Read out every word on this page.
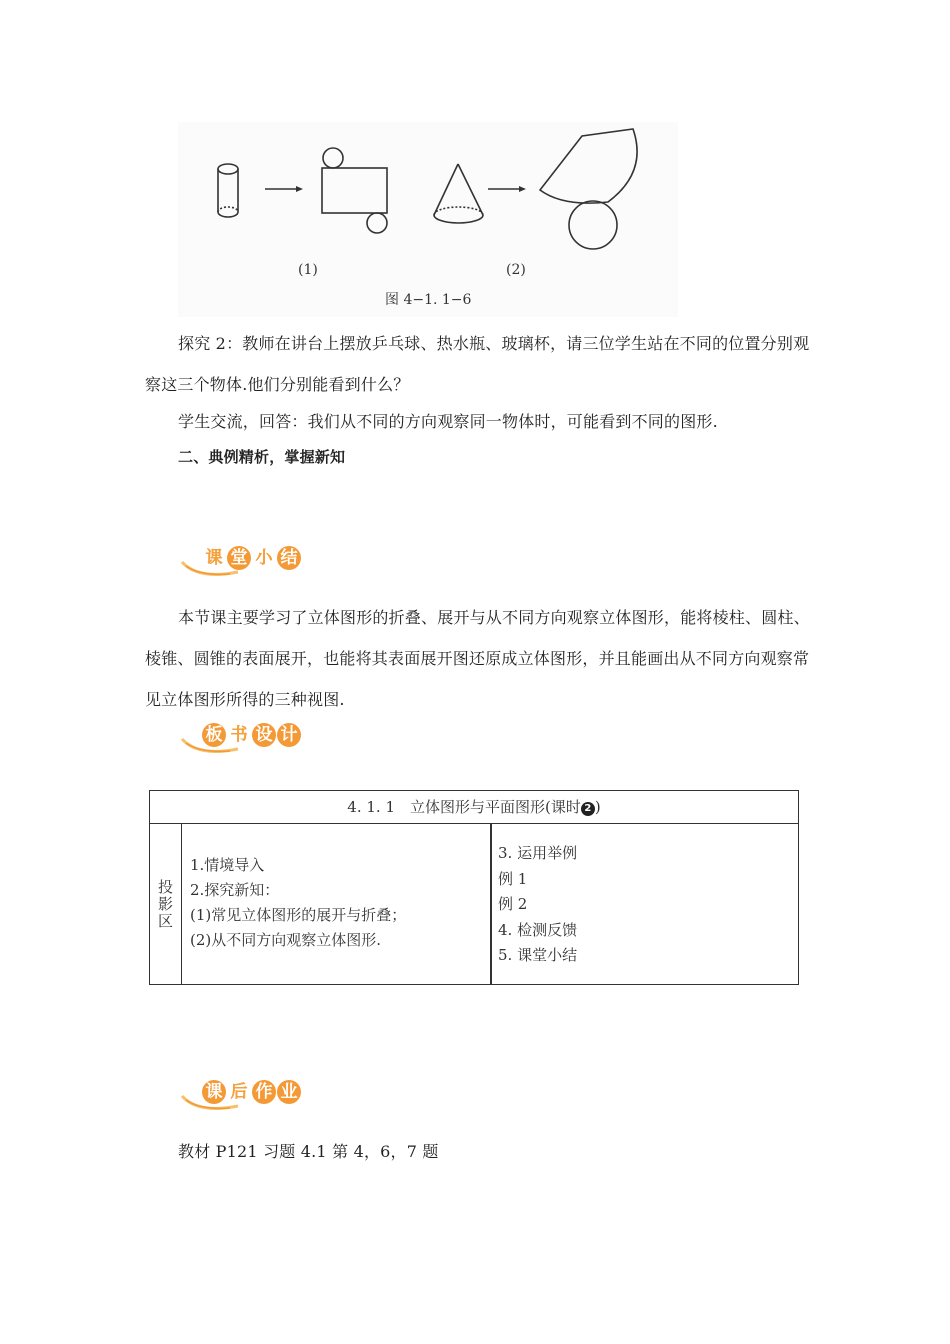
(1)	(2)
图 4−1. 1−6
探究 2：教师在讲台上摆放乒乓球、热水瓶、玻璃杯，请三位学生站在不同的位置分别观察这三个物体.他们分别能看到什么？
学生交流，回答：我们从不同的方向观察同一物体时，可能看到不同的图形.
二、典例精析，掌握新知
课 堂 小 结
本节课主要学习了立体图形的折叠、展开与从不同方向观察立体图形，能将棱柱、圆柱、棱锥、圆锥的表面展开，也能将其表面展开图还原成立体图形，并且能画出从不同方向观察常见立体图形所得的三种视图.
板 书 设 计
4. 1. 1　立体图形与平面图形(课时 2 )
投
影
区
1.情境导入
2.探究新知：
(1)常见立体图形的展开与折叠；
(2)从不同方向观察立体图形.
3. 运用举例
例 1
例 2
4. 检测反馈
5. 课堂小结
课 后 作 业
教材 P121 习题 4.1 第 4，6，7 题
